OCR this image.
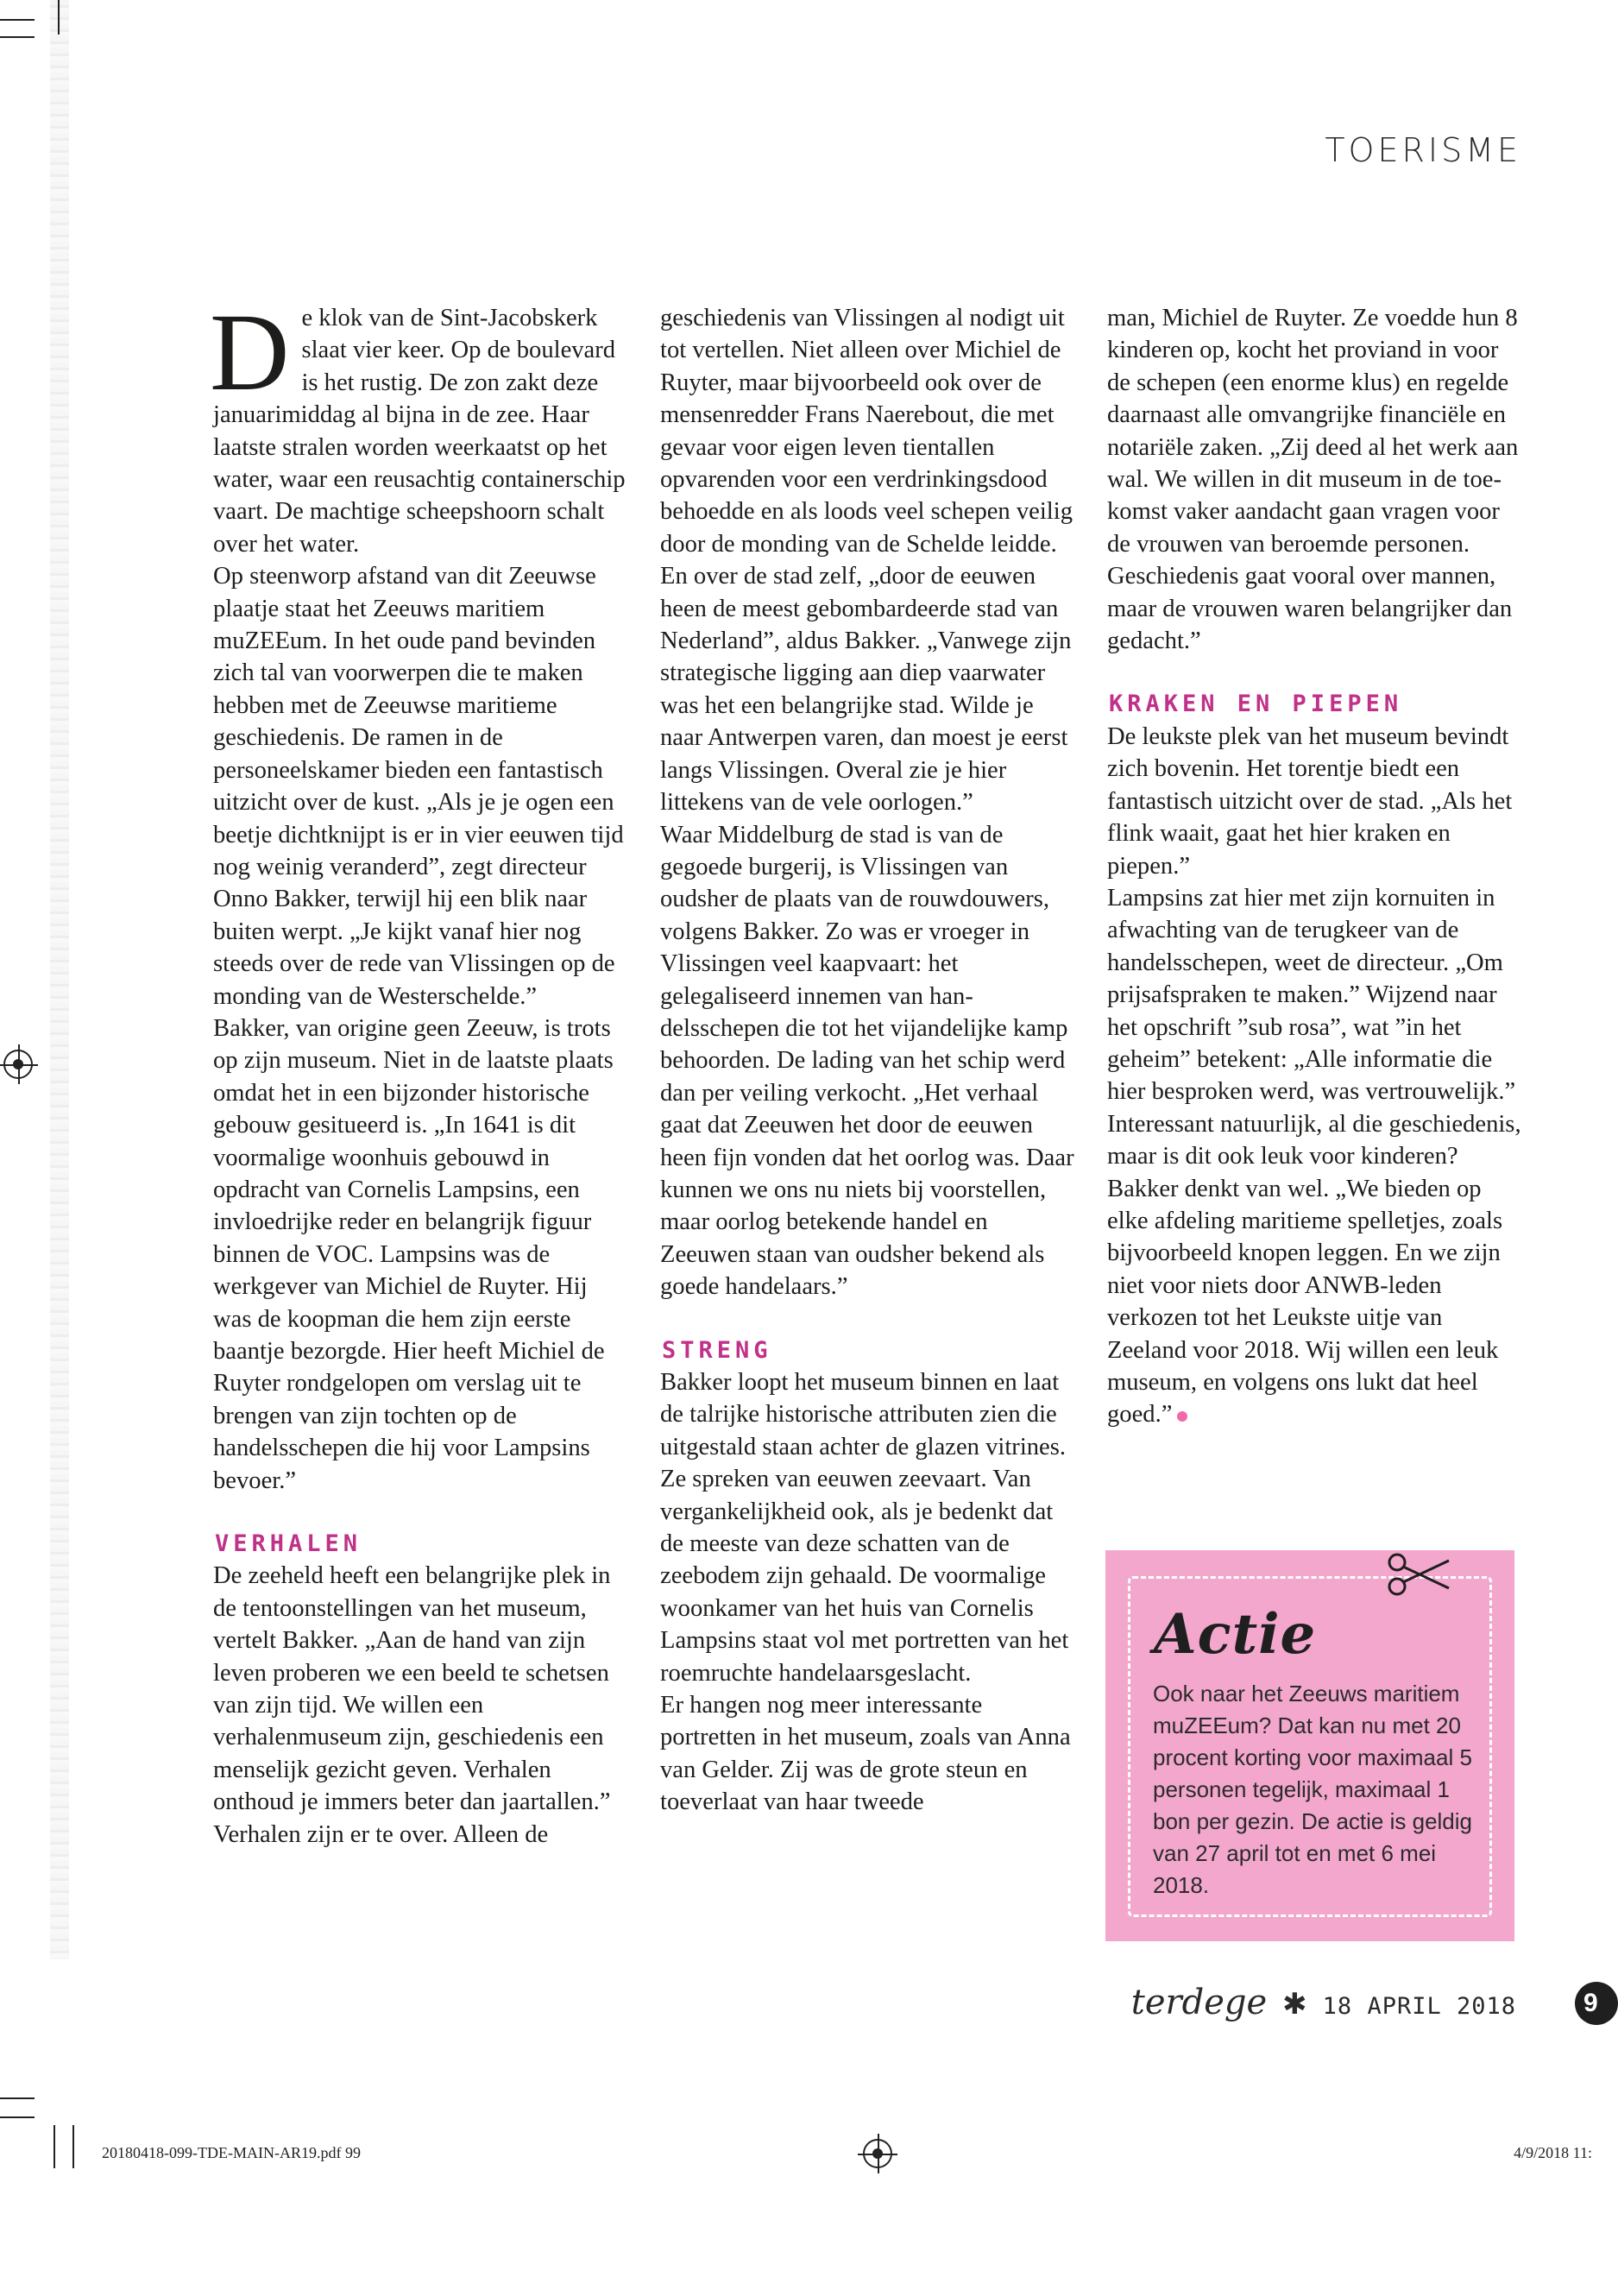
TOERISME

De klok van de Sint-Jacobskerk slaat vier keer. Op de boulevard is het rustig. De zon zakt deze januarimiddag al bijna in de zee. Haar laatste stralen worden weerkaatst op het water, waar een reusachtig containerschip vaart. De machtige scheepshoorn schalt over het water.

Op steenworp afstand van dit Zeeuwse plaatje staat het Zeeuws maritiem muZEEum. In het oude pand bevinden zich tal van voorwerpen die te maken hebben met de Zeeuwse maritieme geschiedenis. De ramen in de personeelskamer bieden een fantastisch uitzicht over de kust. „Als je je ogen een beetje dichtknijpt is er in vier eeuwen tijd nog weinig veranderd”, zegt directeur Onno Bakker, terwijl hij een blik naar buiten werpt. „Je kijkt vanaf hier nog steeds over de rede van Vlissingen op de monding van de Westerschelde.”

Bakker, van origine geen Zeeuw, is trots op zijn museum. Niet in de laatste plaats omdat het in een bijzonder historische gebouw gesitueerd is. „In 1641 is dit voormalige woonhuis gebouwd in opdracht van Cornelis Lampsins, een invloedrijke reder en belangrijk figuur binnen de VOC. Lampsins was de werkgever van Michiel de Ruyter. Hij was de koopman die hem zijn eerste baantje bezorgde. Hier heeft Michiel de Ruyter rondgelopen om verslag uit te brengen van zijn tochten op de handelsschepen die hij voor Lampsins bevoer.”

VERHALEN

De zeeheld heeft een belangrijke plek in de tentoonstellingen van het museum, vertelt Bakker. „Aan de hand van zijn leven proberen we een beeld te schetsen van zijn tijd. We willen een verhalenmuseum zijn, geschiedenis een menselijk gezicht geven. Verhalen onthoud je immers beter dan jaartallen.”

Verhalen zijn er te over. Alleen de

geschiedenis van Vlissingen al nodigt uit tot vertellen. Niet alleen over Michiel de Ruyter, maar bijvoorbeeld ook over de mensenredder Frans Naerebout, die met gevaar voor eigen leven tientallen opvarenden voor een verdrinkingsdood behoedde en als loods veel schepen veilig door de monding van de Schelde leidde. En over de stad zelf, „door de eeuwen heen de meest gebombardeerde stad van Nederland”, aldus Bakker. „Vanwege zijn strategische ligging aan diep vaarwater was het een belangrijke stad. Wilde je naar Antwerpen varen, dan moest je eerst langs Vlissingen. Overal zie je hier littekens van de vele oorlogen.”

Waar Middelburg de stad is van de gegoede burgerij, is Vlissingen van oudsher de plaats van de rouwdouwers, volgens Bakker. Zo was er vroeger in Vlissingen veel kaapvaart: het gelegaliseerd innemen van handelsschepen die tot het vijandelijke kamp behoorden. De lading van het schip werd dan per veiling verkocht. „Het verhaal gaat dat Zeeuwen het door de eeuwen heen fijn vonden dat het oorlog was. Daar kunnen we ons nu niets bij voorstellen, maar oorlog betekende handel en Zeeuwen staan van oudsher bekend als goede handelaars.”

STRENG

Bakker loopt het museum binnen en laat de talrijke historische attributen zien die uitgestald staan achter de glazen vitrines. Ze spreken van eeuwen zeevaart. Van vergankelijkheid ook, als je bedenkt dat de meeste van deze schatten van de zeebodem zijn gehaald. De voormalige woonkamer van het huis van Cornelis Lampsins staat vol met portretten van het roemruchte handelaarsgeslacht.

Er hangen nog meer interessante portretten in het museum, zoals van Anna van Gelder. Zij was de grote steun en toeverlaat van haar tweede

man, Michiel de Ruyter. Ze voedde hun 8 kinderen op, kocht het proviand in voor de schepen (een enorme klus) en regelde daarnaast alle omvangrijke financiële en notariële zaken. „Zij deed al het werk aan wal. We willen in dit museum in de toekomst vaker aandacht gaan vragen voor de vrouwen van beroemde personen. Geschiedenis gaat vooral over mannen, maar de vrouwen waren belangrijker dan gedacht.”

KRAKEN EN PIEPEN

De leukste plek van het museum bevindt zich bovenin. Het torentje biedt een fantastisch uitzicht over de stad. „Als het flink waait, gaat het hier kraken en piepen.”

Lampsins zat hier met zijn kornuiten in afwachting van de terugkeer van de handelsschepen, weet de directeur. „Om prijsafspraken te maken.” Wijzend naar het opschrift ”sub rosa”, wat ”in het geheim” betekent: „Alle informatie die hier besproken werd, was vertrouwelijk.”

Interessant natuurlijk, al die geschiedenis, maar is dit ook leuk voor kinderen? Bakker denkt van wel. „We bieden op elke afdeling maritieme spelletjes, zoals bijvoorbeeld knopen leggen. En we zijn niet voor niets door ANWB-leden verkozen tot het Leukste uitje van Zeeland voor 2018. Wij willen een leuk museum, en volgens ons lukt dat heel goed.”

Actie
Ook naar het Zeeuws maritiem muZEEum? Dat kan nu met 20 procent korting voor maximaal 5 personen tegelijk, maximaal 1 bon per gezin. De actie is geldig van 27 april tot en met 6 mei 2018.
terdege ✱ 18 APRIL 2018	9
20180418-099-TDE-MAIN-AR19.pdf 99	4/9/2018 11:
